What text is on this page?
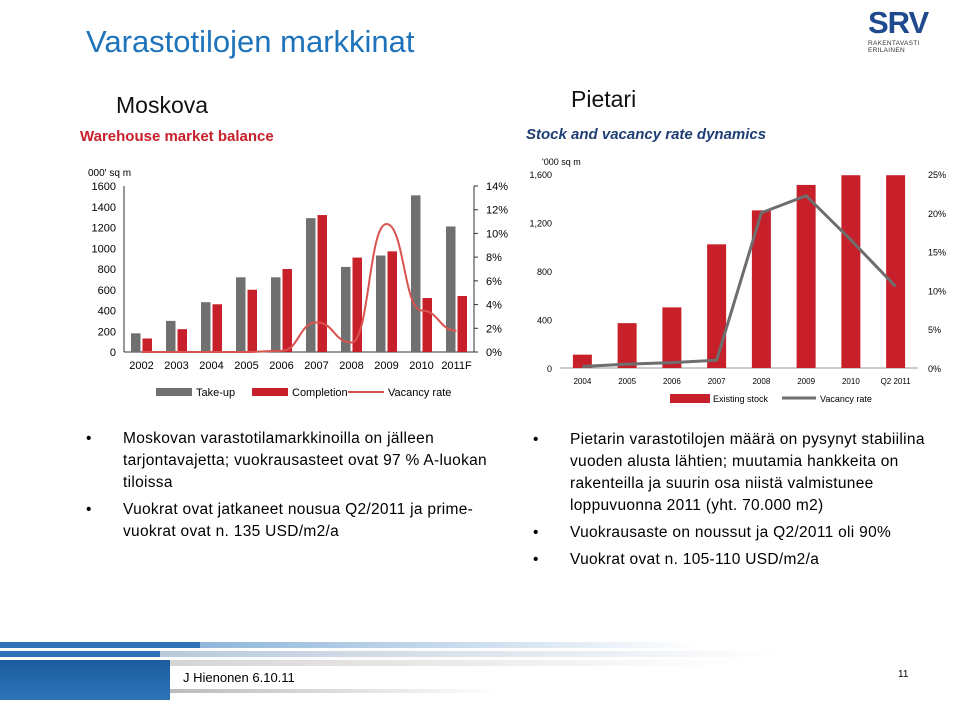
Varastotilojen markkinat
SRV
RAKENTAVASTI ERILAINEN
Moskova	Pietari
Warehouse market balance
000' sq m
0
200
400
600
800
1000
1200
1400
1600
0%
2%
4%
6%
8%
10%
12%
14%
2002 2003 2004 2005 2006 2007 2008 2009 2010 2011F
Take-up	Completion	Vacancy rate
Stock and vacancy rate dynamics
'000 sq m
0
400
800
1,200
1,600
0%
5%
10%
15%
20%
25%
2004	2005	2006	2007	2008	2009	2010	Q2 2011
Existing stock	Vacancy rate
• Moskovan varastotilamarkkinoilla on jälleen tarjontavajetta; vuokrausasteet ovat 97 % A-luokan tiloissa
• Vuokrat ovat jatkaneet nousua Q2/2011 ja prime-vuokrat ovat n. 135 USD/m2/a
• Pietarin varastotilojen määrä on pysynyt stabiilina vuoden alusta lähtien; muutamia hankkeita on rakenteilla ja suurin osa niistä valmistunee loppuvuonna 2011 (yht. 70.000 m2)
• Vuokrausaste on noussut ja Q2/2011 oli 90%
• Vuokrat ovat n. 105-110 USD/m2/a
J Hienonen 6.10.11	11
